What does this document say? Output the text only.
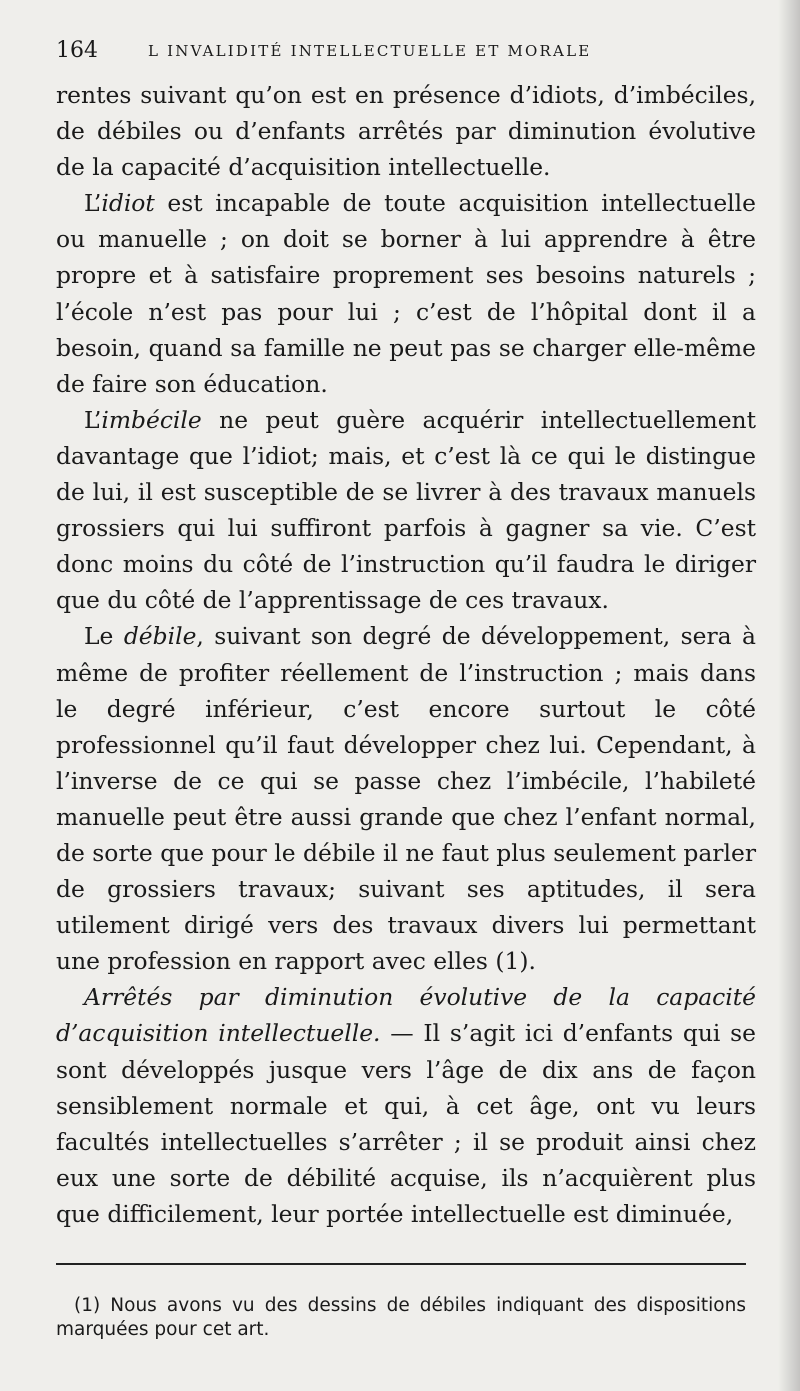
164	L INVALIDITÉ INTELLECTUELLE ET MORALE

rentes suivant qu’on est en présence d’idiots, d’imbéciles, de débiles ou d’enfants arrêtés par diminution évolutive de la capacité d’acquisition intellectuelle.

L’idiot est incapable de toute acquisition intellectuelle ou manuelle ; on doit se borner à lui apprendre à être propre et à satisfaire proprement ses besoins naturels ; l’école n’est pas pour lui ; c’est de l’hôpital dont il a besoin, quand sa famille ne peut pas se charger elle-même de faire son éducation.

L’imbécile ne peut guère acquérir intellectuellement davantage que l’idiot; mais, et c’est là ce qui le distingue de lui, il est susceptible de se livrer à des travaux manuels grossiers qui lui suffiront parfois à gagner sa vie. C’est donc moins du côté de l’instruction qu’il faudra le diriger que du côté de l’apprentissage de ces travaux.

Le débile, suivant son degré de développement, sera à même de profiter réellement de l’instruction ; mais dans le degré inférieur, c’est encore surtout le côté professionnel qu’il faut développer chez lui. Cependant, à l’inverse de ce qui se passe chez l’imbécile, l’habileté manuelle peut être aussi grande que chez l’enfant normal, de sorte que pour le débile il ne faut plus seulement parler de grossiers travaux; suivant ses aptitudes, il sera utilement dirigé vers des travaux divers lui permettant une profession en rapport avec elles (1).

Arrêtés par diminution évolutive de la capacité d’acquisition intellectuelle. — Il s’agit ici d’enfants qui se sont développés jusque vers l’âge de dix ans de façon sensiblement normale et qui, à cet âge, ont vu leurs facultés intellectuelles s’arrêter ; il se produit ainsi chez eux une sorte de débilité acquise, ils n’acquièrent plus que difficilement, leur portée intellectuelle est diminuée,

(1) Nous avons vu des dessins de débiles indiquant des dispositions marquées pour cet art.
